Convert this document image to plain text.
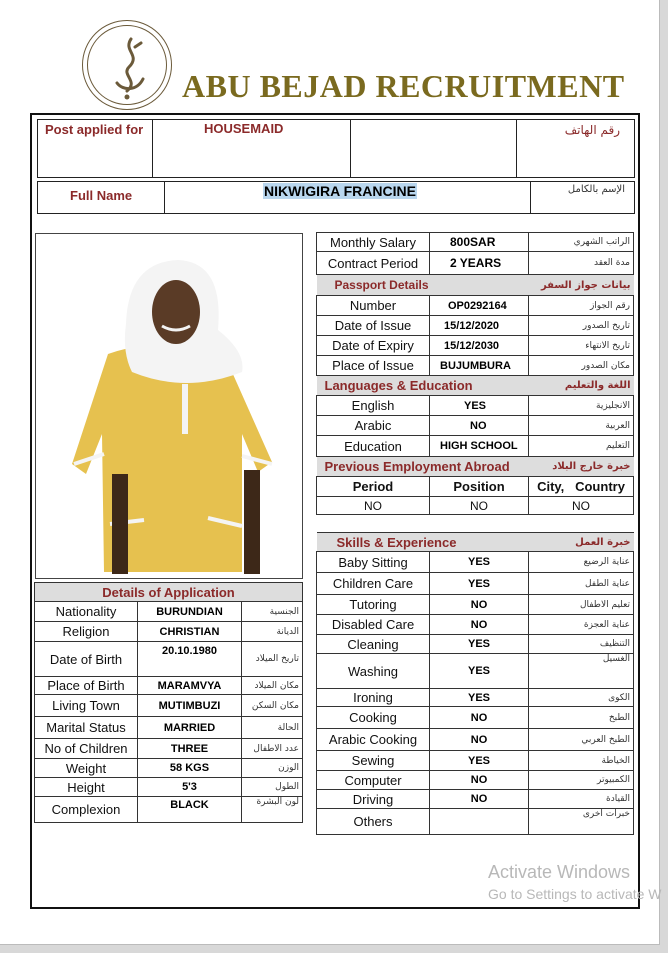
ABU BEJAD RECRUITMENT
Post applied for	HOUSEMAID	رقم الهاتف
Full Name	NIKWIGIRA FRANCINE	الإسم بالكامل
Details of Application		
Nationality	BURUNDIAN	الجنسية
Religion	CHRISTIAN	الديانة
Date of Birth	20.10.1980	تاريخ الميلاد
Place of Birth	MARAMVYA	مكان الميلاد
Living Town	MUTIMBUZI	مكان السكن
Marital Status	MARRIED	الحالة
No of Children	THREE	عدد الاطفال
Weight	58 KGS	الوزن
Height	5'3	الطول
Complexion	BLACK	لون البشرة
Monthly Salary	800SAR	الراتب الشهري
Contract Period	2 YEARS	مدة العقد
Passport Details		بيانات جواز السفر
Number	OP0292164	رقم الجواز
Date of Issue	15/12/2020	تاريخ الصدور
Date of Expiry	15/12/2030	تاريخ الانتهاء
Place of Issue	BUJUMBURA	مكان الصدور
Languages & Education		اللغة والتعليم
English	YES	الانجليزية
Arabic	NO	العربية
Education	HIGH SCHOOL	التعليم
Previous Employment Abroad		خبرة خارج البلاد
Period	Position	City,   Country
NO	NO	NO

Skills & Experience		خبرة العمل
Baby Sitting	YES	عناية الرضيع
Children Care	YES	عناية الطفل
Tutoring	NO	تعليم الاطفال
Disabled Care	NO	عناية العجزة
Cleaning	YES	التنظيف
Washing	YES	الغسيل
Ironing	YES	الكوى
Cooking	NO	الطبخ
Arabic Cooking	NO	الطبخ العربي
Sewing	YES	الخياطة
Computer	NO	الكمبيوتر
Driving	NO	القيادة
Others		خبرات أخرى
Activate Windows
Go to Settings to activate W
